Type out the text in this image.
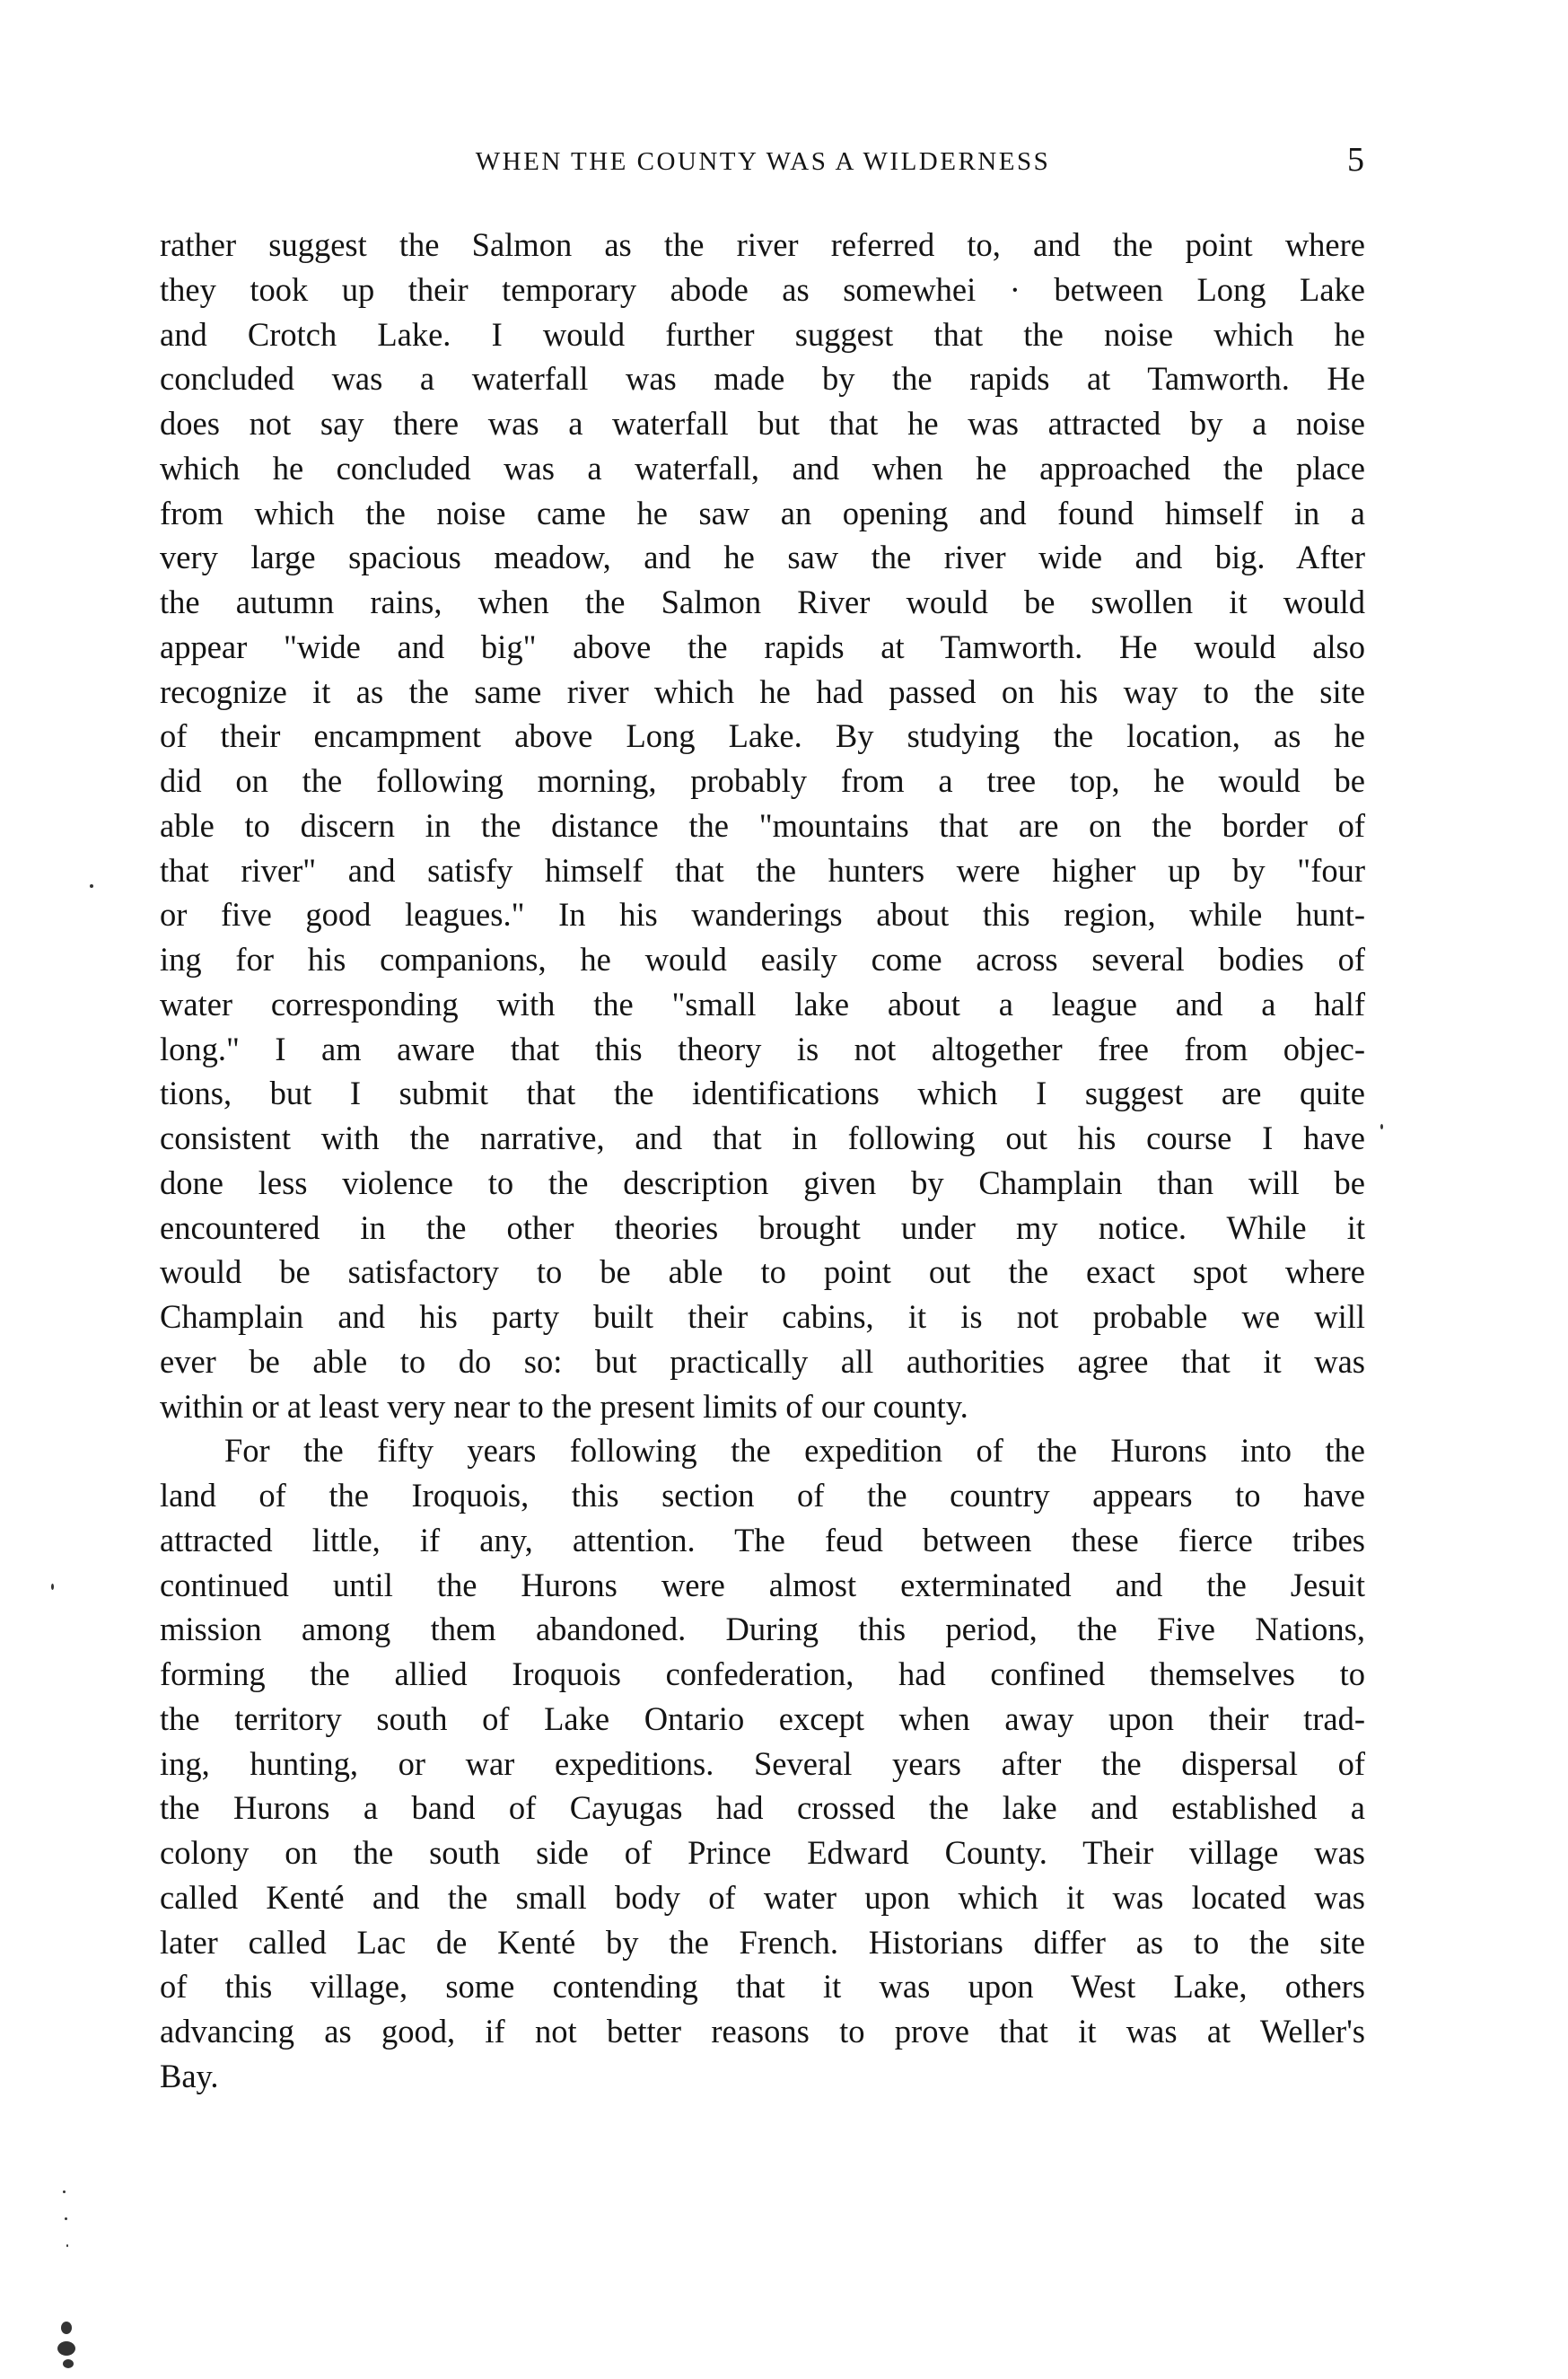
WHEN THE COUNTY WAS A WILDERNESS	5
rather suggest the Salmon as the river referred to, and the point where
they took up their temporary abode as somewhei · between Long Lake
and Crotch Lake. I would further suggest that the noise which he
concluded was a waterfall was made by the rapids at Tamworth. He
does not say there was a waterfall but that he was attracted by a noise
which he concluded was a waterfall, and when he approached the place
from which the noise came he saw an opening and found himself in a
very large spacious meadow, and he saw the river wide and big. After
the autumn rains, when the Salmon River would be swollen it would
appear "wide and big" above the rapids at Tamworth. He would also
recognize it as the same river which he had passed on his way to the site
of their encampment above Long Lake. By studying the location, as he
did on the following morning, probably from a tree top, he would be
able to discern in the distance the "mountains that are on the border of
that river" and satisfy himself that the hunters were higher up by "four
or five good leagues." In his wanderings about this region, while hunt-
ing for his companions, he would easily come across several bodies of
water corresponding with the "small lake about a league and a half
long." I am aware that this theory is not altogether free from objec-
tions, but I submit that the identifications which I suggest are quite
consistent with the narrative, and that in following out his course I have
done less violence to the description given by Champlain than will be
encountered in the other theories brought under my notice. While it
would be satisfactory to be able to point out the exact spot where
Champlain and his party built their cabins, it is not probable we will
ever be able to do so: but practically all authorities agree that it was
within or at least very near to the present limits of our county.
For the fifty years following the expedition of the Hurons into the
land of the Iroquois, this section of the country appears to have
attracted little, if any, attention. The feud between these fierce tribes
continued until the Hurons were almost exterminated and the Jesuit
mission among them abandoned. During this period, the Five Nations,
forming the allied Iroquois confederation, had confined themselves to
the territory south of Lake Ontario except when away upon their trad-
ing, hunting, or war expeditions. Several years after the dispersal of
the Hurons a band of Cayugas had crossed the lake and established a
colony on the south side of Prince Edward County. Their village was
called Kenté and the small body of water upon which it was located was
later called Lac de Kenté by the French. Historians differ as to the site
of this village, some contending that it was upon West Lake, others
advancing as good, if not better reasons to prove that it was at Weller's
Bay.
